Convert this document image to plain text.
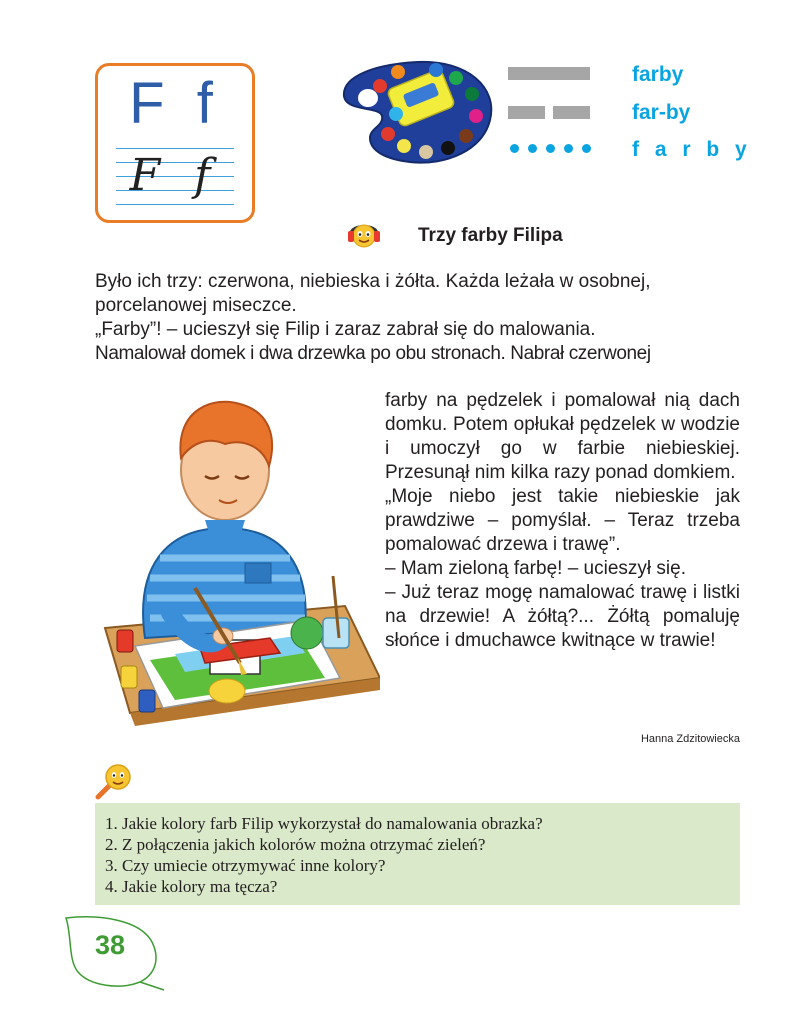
F f
F f
farby
far-by
f a r b y
Trzy farby Filipa

Było ich trzy: czerwona, niebieska i żółta. Każda leżała w osobnej, porcelanowej miseczce.

„Farby”! – ucieszył się Filip i zaraz zabrał się do malowania.

Namalował domek i dwa drzewka po obu stronach. Nabrał czerwonej

farby na pędzelek i pomalował nią dach domku. Potem opłukał pędzelek w wodzie i umoczył go w farbie niebieskiej. Przesunął nim kilka razy ponad domkiem.

„Moje niebo jest takie niebieskie jak prawdziwe – pomyślał. – Teraz trzeba pomalować drzewa i trawę”.

– Mam zieloną farbę! – ucieszył się.

– Już teraz mogę namalować trawę i listki na drzewie! A żółtą?... Żółtą pomaluję słońce i dmuchawce kwitnące w trawie!

Hanna Zdzitowiecka
1. Jakie kolory farb Filip wykorzystał do namalowania obrazka?
2. Z połączenia jakich kolorów można otrzymać zieleń?
3. Czy umiecie otrzymywać inne kolory?
4. Jakie kolory ma tęcza?
38
